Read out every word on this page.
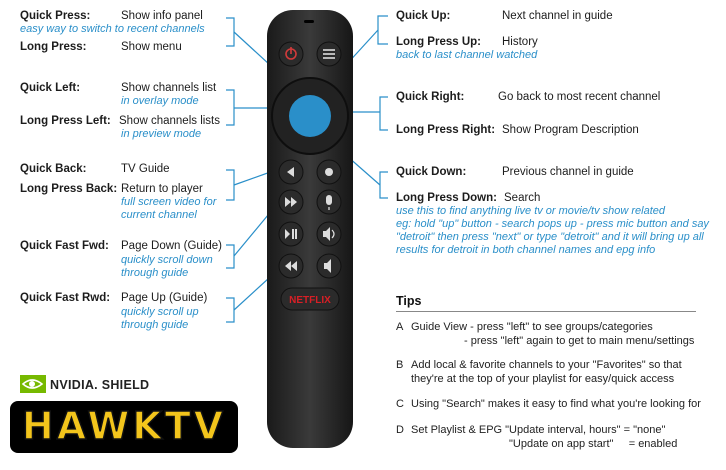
NETFLIX
Quick Press:	Show info panel
easy way to switch to recent channels
Long Press:	Show menu
Quick Left:	Show channels list
in overlay mode
Long Press Left: Show channels lists
in preview mode
Quick Back:	TV Guide
Long Press Back: Return to player
full screen video for
current channel
Quick Fast Fwd: Page Down (Guide)
quickly scroll down
through guide
Quick Fast Rwd: Page Up (Guide)
quickly scroll up
through guide
Quick Up:	Next channel in guide
Long Press Up: History
back to last channel watched
Quick Right:	Go back to most recent channel
Long Press Right: Show Program Description
Quick Down:	Previous channel in guide
Long Press Down: Search
use this to find anything live tv or movie/tv show related
eg: hold "up" button - search pops up - press mic button and say
"detroit" then press "next" or type "detroit" and it will bring up all
results for detroit in both channel names and epg info
Tips
A Guide View - press "left" to see groups/categories
- press "left" again to get to main menu/settings
B Add local & favorite channels to your "Favorites" so that
they're at the top of your playlist for easy/quick access
C Using "Search" makes it easy to find what you're looking for
D Set Playlist & EPG "Update interval, hours" = "none"
"Update on app start"     = enabled
NVIDIA. SHIELD
HAWKTV
